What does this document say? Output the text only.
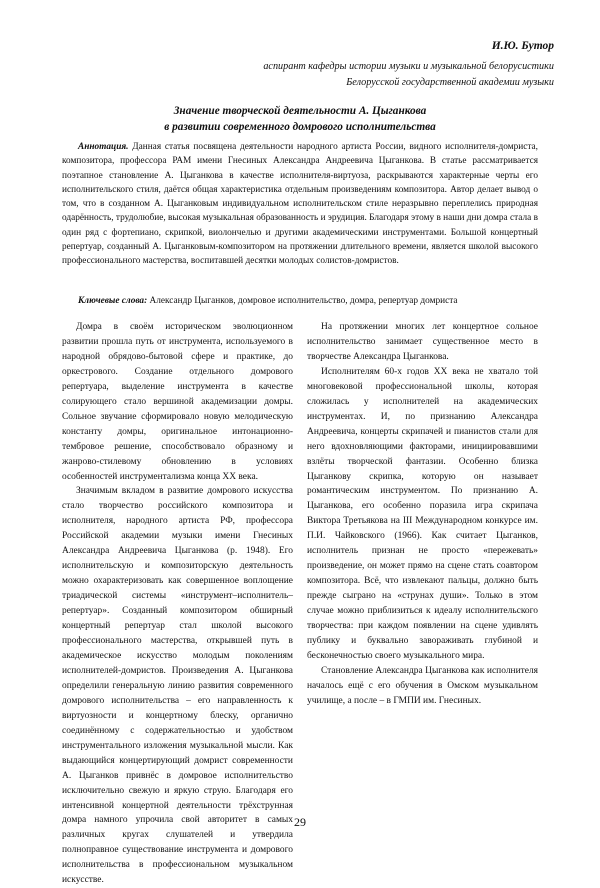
И.Ю. Бутор
аспирант кафедры истории музыки и музыкальной белорусистики
Белорусской государственной академии музыки
Значение творческой деятельности А. Цыганкова
в развитии современного домрового исполнительства
Аннотация. Данная статья посвящена деятельности народного артиста России, видного исполнителя-домриста, композитора, профессора РАМ имени Гнесиных Александра Андреевича Цыганкова. В статье рассматривается поэтапное становление А. Цыганкова в качестве исполнителя-виртуоза, раскрываются характерные черты его исполнительского стиля, даётся общая характеристика отдельным произведениям композитора. Автор делает вывод о том, что в созданном А. Цыганковым индивидуальном исполнительском стиле неразрывно переплелись природная одарённость, трудолюбие, высокая музыкальная образованность и эрудиция. Благодаря этому в наши дни домра стала в один ряд с фортепиано, скрипкой, виолончелью и другими академическими инструментами. Большой концертный репертуар, созданный А. Цыганковым-композитором на протяжении длительного времени, является школой высокого профессионального мастерства, воспитавшей десятки молодых солистов-домристов.
Ключевые слова: Александр Цыганков, домровое исполнительство, домра, репертуар домриста

Домра в своём историческом эволюционном развитии прошла путь от инструмента, используемого в народной обрядово-бытовой сфере и практике, до оркестрового. Создание отдельного домрового репертуара, выделение инструмента в качестве солирующего стало вершиной академизации домры. Сольное звучание сформировало новую мелодическую константу домры, оригинальное интонационно-тембровое решение, способствовало образному и жанрово-стилевому обновлению в условиях особенностей инструментализма конца XX века.

Значимым вкладом в развитие домрового искусства стало творчество российского композитора и исполнителя, народного артиста РФ, профессора Российской академии музыки имени Гнесиных Александра Андреевича Цыганкова (р. 1948). Его исполнительскую и композиторскую деятельность можно охарактеризовать как совершенное воплощение триадической системы «инструмент–исполнитель–репертуар». Созданный композитором обширный концертный репертуар стал школой высокого профессионального мастерства, открывшей путь в академическое искусство молодым поколениям исполнителей-домристов. Произведения А. Цыганкова определили генеральную линию развития современного домрового исполнительства – его направленность к виртуозности и концертному блеску, органично соединённому с содержательностью и удобством инструментального изложения музыкальной мысли. Как выдающийся концертирующий домрист современности А. Цыганков привнёс в домровое исполнительство исключительно свежую и яркую струю. Благодаря его интенсивной концертной деятельности трёхструнная домра намного упрочила свой авторитет в самых различных кругах слушателей и утвердила полноправное существование инструмента и домрового исполнительства в профессиональном музыкальном искусстве.

На протяжении многих лет концертное сольное исполнительство занимает существенное место в творчестве Александра Цыганкова.

Исполнителям 60-х годов XX века не хватало той многовековой профессиональной школы, которая сложилась у исполнителей на академических инструментах. И, по признанию Александра Андреевича, концерты скрипачей и пианистов стали для него вдохновляющими факторами, инициировавшими взлёты творческой фантазии. Особенно близка Цыганкову скрипка, которую он называет романтическим инструментом. По признанию А. Цыганкова, его особенно поразила игра скрипача Виктора Третьякова на III Международном конкурсе им. П.И. Чайковского (1966). Как считает Цыганков, исполнитель признан не просто «пережевать» произведение, он может прямо на сцене стать соавтором композитора. Всё, что извлекают пальцы, должно быть прежде сыграно на «струнах души». Только в этом случае можно приблизиться к идеалу исполнительского творчества: при каждом появлении на сцене удивлять публику и буквально завораживать глубиной и бесконечностью своего музыкального мира.

Становление Александра Цыганкова как исполнителя началось ещё с его обучения в Омском музыкальном училище, а после – в ГМПИ им. Гнесиных.

29
